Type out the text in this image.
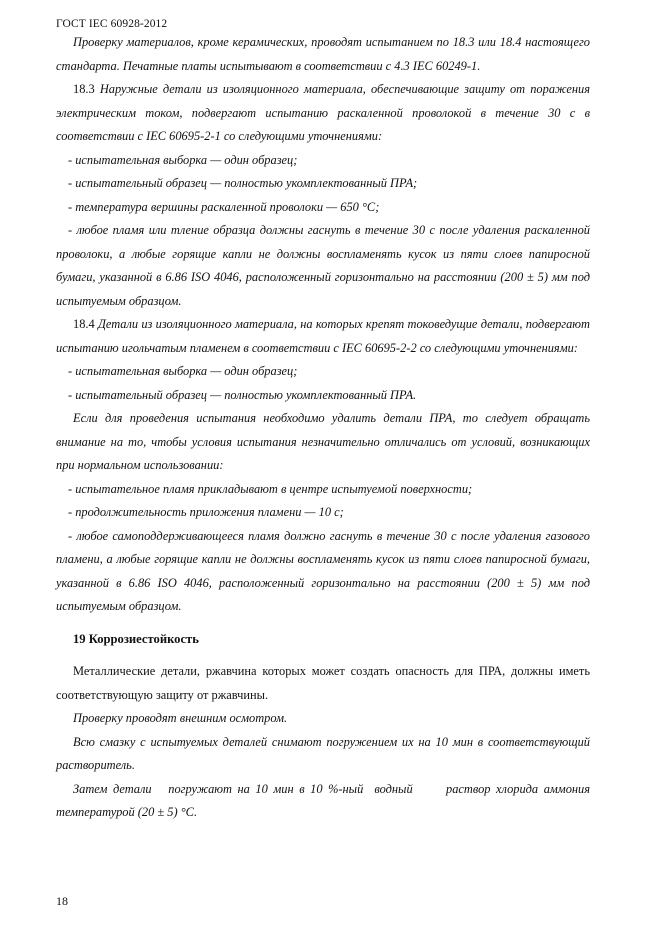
ГОСТ IEC 60928-2012

Проверку материалов, кроме керамических, проводят испытанием по 18.3 или 18.4 настоящего стандарта. Печатные платы испытывают в соответствии с 4.3 IEC 60249-1.

18.3 Наружные детали из изоляционного материала, обеспечивающие защиту от поражения электрическим током, подвергают испытанию раскаленной проволокой в течение 30 с в соответствии с IEC 60695-2-1 со следующими уточнениями:

- испытательная выборка — один образец;

- испытательный образец — полностью укомплектованный ПРА;

- температура вершины раскаленной проволоки — 650 °С;

- любое пламя или тление образца должны гаснуть в течение 30 с после удаления раскаленной проволоки, а любые горящие капли не должны воспламенять кусок из пяти слоев папиросной бумаги, указанной в 6.86 ISO 4046, расположенный горизонтально на расстоянии (200 ± 5) мм под испытуемым образцом.

18.4 Детали из изоляционного материала, на которых крепят токоведущие детали, подвергают испытанию игольчатым пламенем в соответствии с IEC 60695-2-2 со следующими уточнениями:

- испытательная выборка — один образец;

- испытательный образец — полностью укомплектованный ПРА.

Если для проведения испытания необходимо удалить детали ПРА, то следует обращать внимание на то, чтобы условия испытания незначительно отличались от условий, возникающих при нормальном использовании:

- испытательное пламя прикладывают в центре испытуемой поверхности;

- продолжительность приложения пламени — 10 с;

- любое самоподдерживающееся пламя должно гаснуть в течение 30 с после удаления газового пламени, а любые горящие капли не должны воспламенять кусок из пяти слоев папиросной бумаги, указанной в 6.86 ISO 4046, расположенный горизонтально на расстоянии (200 ± 5) мм под испытуемым образцом.

19 Коррозиестойкость

Металлические детали, ржавчина которых может создать опасность для ПРА, должны иметь соответствующую защиту от ржавчины.

Проверку проводят внешним осмотром.

Всю смазку с испытуемых деталей снимают погружением их на 10 мин в соответствующий растворитель.

Затем детали   погружают на 10 мин в 10 %-ный  водный      раствор хлорида аммония температурой (20 ± 5) °С.

18
